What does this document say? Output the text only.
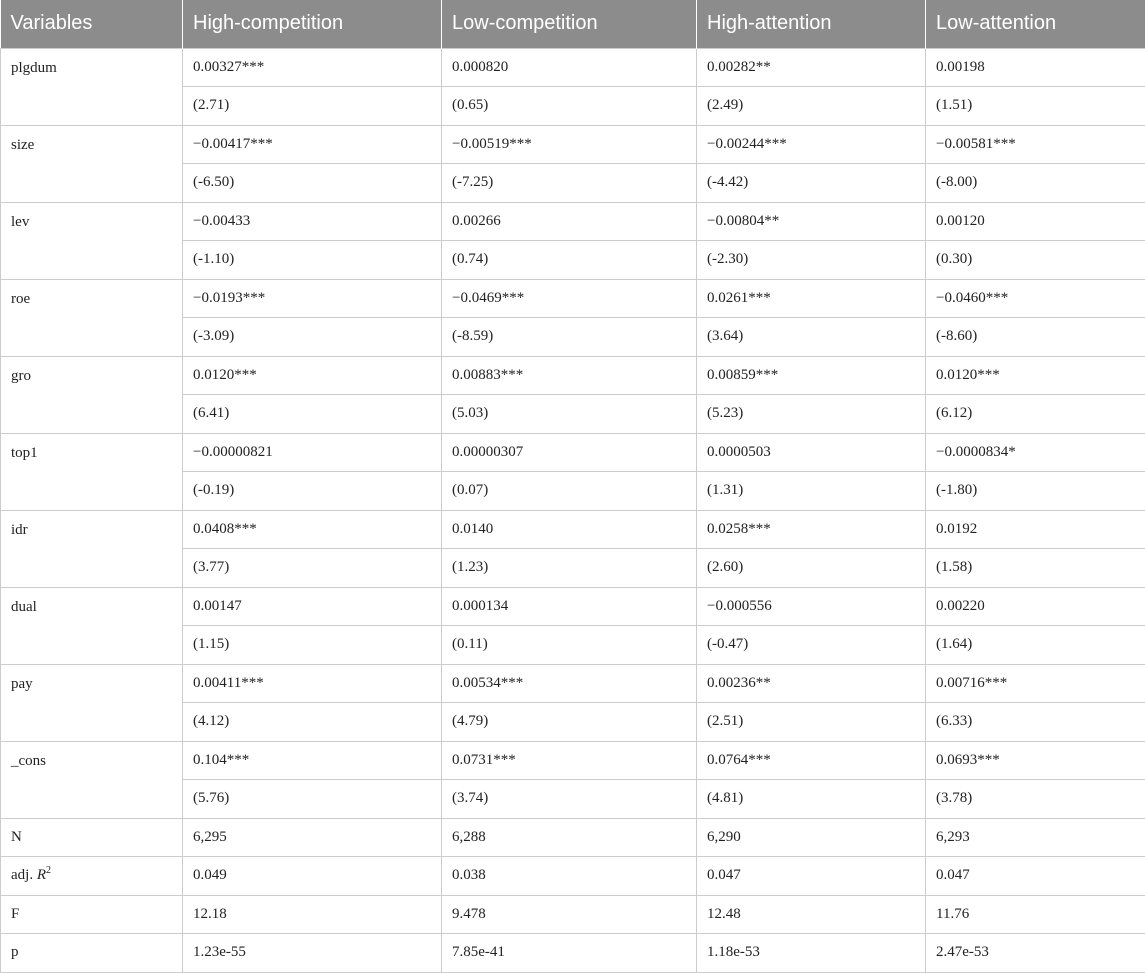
Variables	High-competition	Low-competition	High-attention	Low-attention
plgdum	0.00327***	0.000820	0.00282**	0.00198
	(2.71)	(0.65)	(2.49)	(1.51)
size	−0.00417***	−0.00519***	−0.00244***	−0.00581***
	(-6.50)	(-7.25)	(-4.42)	(-8.00)
lev	−0.00433	0.00266	−0.00804**	0.00120
	(-1.10)	(0.74)	(-2.30)	(0.30)
roe	−0.0193***	−0.0469***	0.0261***	−0.0460***
	(-3.09)	(-8.59)	(3.64)	(-8.60)
gro	0.0120***	0.00883***	0.00859***	0.0120***
	(6.41)	(5.03)	(5.23)	(6.12)
top1	−0.00000821	0.00000307	0.0000503	−0.0000834*
	(-0.19)	(0.07)	(1.31)	(-1.80)
idr	0.0408***	0.0140	0.0258***	0.0192
	(3.77)	(1.23)	(2.60)	(1.58)
dual	0.00147	0.000134	−0.000556	0.00220
	(1.15)	(0.11)	(-0.47)	(1.64)
pay	0.00411***	0.00534***	0.00236**	0.00716***
	(4.12)	(4.79)	(2.51)	(6.33)
_cons	0.104***	0.0731***	0.0764***	0.0693***
	(5.76)	(3.74)	(4.81)	(3.78)
N	6,295	6,288	6,290	6,293
adj. $R^2$	0.049	0.038	0.047	0.047
F	12.18	9.478	12.48	11.76
p	1.23e-55	7.85e-41	1.18e-53	2.47e-53
